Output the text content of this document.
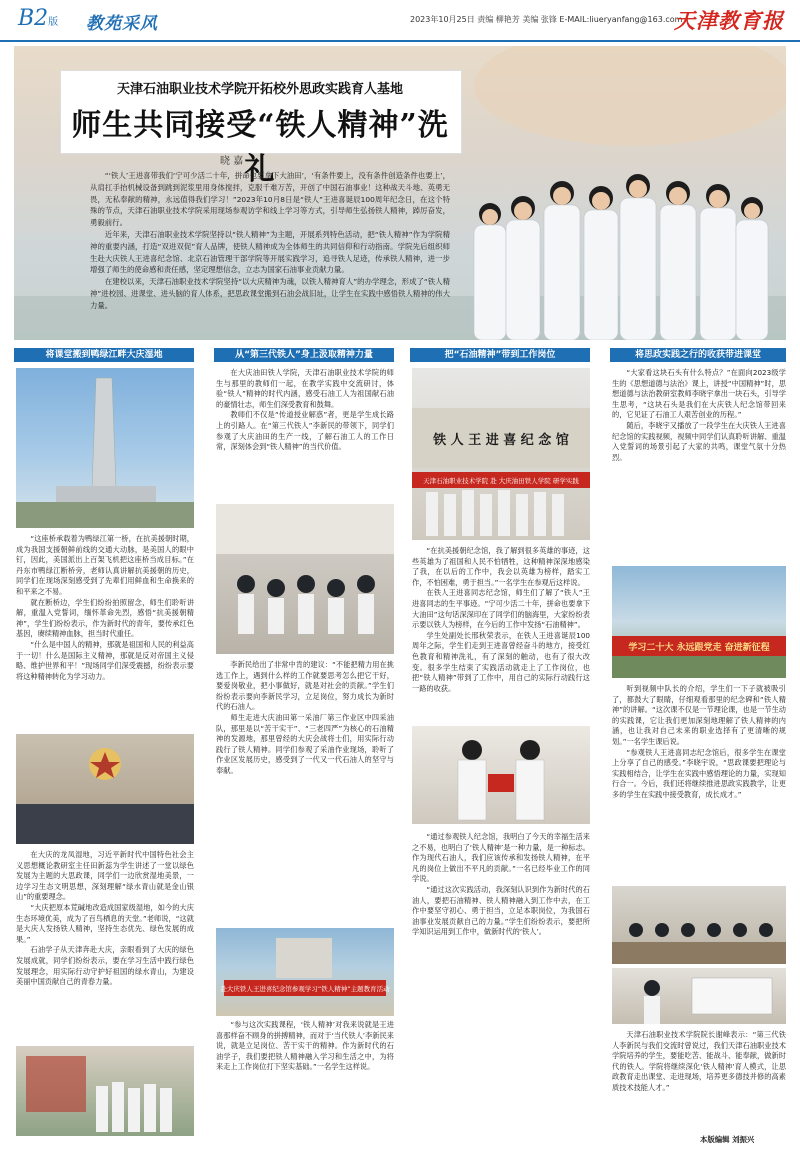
B2版 教苑采风	2023年10月25日 责编 柳艳芳 美编 张锋 E-MAIL:liueryanfang@163.com
天津教育报
天津石油职业技术学院开拓校外思政实践育人基地
师生共同接受“铁人精神”洗礼
晓 嘉
“‘铁人’王进喜带我们‘宁可少活二十年，拼命也要拿下大油田’，‘有条件要上，没有条件创造条件也要上’，从肩扛手抬机械设备到跳到泥浆里用身体搅拌，克服千难万苦，开创了中国石油事业！这种战天斗地、英勇无畏，无私奉献的精神，永远值得我们学习！”2023年10月8日是“铁人”王进喜诞辰100周年纪念日，在这个特殊的节点，天津石油职业技术学院采用现场参观访学和线上学习等方式，引导师生弘扬铁人精神，踔厉奋发，勇毅前行。
近年来，天津石油职业技术学院坚持以“铁人精神”为主题，开展系列特色活动，把“铁人精神”作为学院精神的重要内涵，打造“双进双促”育人品牌，使铁人精神成为全体师生的共同信仰和行动指南。学院先后组织师生赴大庆铁人王进喜纪念馆、北京石油管理干部学院等开展实践学习，追寻铁人足迹，传承铁人精神，进一步增强了师生的使命感和责任感，坚定理想信念，立志为国家石油事业贡献力量。
在建校以来，天津石油职业技术学院坚持“以大庆精神为魂，以铁人精神育人”的办学理念，形成了“铁人精神”进校园、进课堂、进头脑的育人体系，把思政课堂搬到石油会战旧址，让学生在实践中感悟铁人精神的伟大力量。
将课堂搬到鸭绿江畔大庆湿地
“这座桥承载着为鸭绿江第一桥，在抗美援朝时期，成为我国支援朝鲜前线的交通大动脉，是美国人的眼中钉，因此，美国派出上百架飞机把这座桥当成目标。”在丹东市鸭绿江断桥旁，老师认真讲解抗美援朝的历史，同学们在现场深刻感受到了先辈们用鲜血和生命换来的和平来之不易。
就在断桥边，学生们纷纷拍照留念，师生们聆听讲解，重温入党誓词，缅怀革命先烈，感悟“抗美援朝精神”，学生们纷纷表示，作为新时代的青年，要传承红色基因，赓续精神血脉，担当时代重任。
“什么是中国人的精神，那就是祖国和人民的利益高于一切！什么是国际主义精神，那就是反对帝国主义侵略、维护世界和平！”现场同学们深受震撼，纷纷表示要将这种精神转化为学习动力。
在大庆的龙凤湿地，习近平新时代中国特色社会主义思想概论教研室主任田新蕊为学生讲述了一堂以绿色发展为主题的大思政课，同学们一边欣赏湿地美景，一边学习生态文明思想，深刻理解“绿水青山就是金山银山”的重要理念。
“大庆把原本荒碱地改造成国家级湿地，如今的大庆生态环境优美，成为了百鸟栖息的天堂。”老师说，“这就是大庆人发扬铁人精神，坚持生态优先、绿色发展的成果。”
石油学子从天津奔赴大庆，亲眼看到了大庆的绿色发展成就，同学们纷纷表示，要在学习生活中践行绿色发展理念，用实际行动守护好祖国的绿水青山，为建设美丽中国贡献自己的青春力量。
从“第三代铁人”身上汲取精神力量
在大庆油田铁人学院，天津石油职业技术学院的师生与那里的教师们一起，在教学实践中交流研讨，体验“铁人”精神的时代内涵，感受石油工人为祖国献石油的豪情壮志，师生们深受教育和鼓舞。
教师们不仅是“传道授业解惑”者，更是学生成长路上的引路人。在“第三代铁人”李新民的带领下，同学们参观了大庆油田的生产一线，了解石油工人的工作日常，深刻体会到“铁人精神”的当代价值。
李新民给出了非常中肯的建议：“不能把精力用在挑选工作上，遇到什么样的工作就要思考怎么把它干好，要爱岗敬业，把小事做好，就是对社会的贡献。”学生们纷纷表示要向李新民学习，立足岗位，努力成长为新时代的石油人。
师生走进大庆油田第一采油厂第三作业区中四采油队，那里是以“苦干实干”、“三老四严”为核心的石油精神的发源地，那里曾经的大庆会战将士们，用实际行动践行了铁人精神。同学们参观了采油作业现场，聆听了作业区发展历史，感受到了一代又一代石油人的坚守与奉献。
赴大庆铁人王进喜纪念馆参观学习“铁人精神”主题教育活动
“参与这次实践课程，‘铁人精神’对我来说就是王进喜那样奋不顾身的拼搏精神，而对于‘当代铁人’李新民来说，就是立足岗位、苦干实干的精神。作为新时代的石油学子，我们要把铁人精神融入学习和生活之中，为将来走上工作岗位打下坚实基础。”一名学生这样说。
把“石油精神”带到工作岗位
铁 人 王 进 喜 纪 念 馆
天津石油职业技术学院 赴 大庆油田铁人学院 研学实践
“在抗美援朝纪念馆，我了解到很多英雄的事迹，这些英雄为了祖国和人民不怕牺牲，这种精神深深地感染了我，在以后的工作中，我会以英雄为榜样，踏实工作，不怕困难，勇于担当。”一名学生在参观后这样说。
在铁人王进喜同志纪念馆，师生们了解了“铁人”王进喜同志的生平事迹。“宁可少活二十年，拼命也要拿下大油田”这句话深深印在了同学们的脑海里，大家纷纷表示要以铁人为榜样，在今后的工作中发扬“石油精神”。
学生处副处长邢秋荣表示，在铁人王进喜诞辰100周年之际，学生们走到王进喜曾经奋斗的地方，接受红色教育和精神洗礼，有了深刻的触动，也有了很大改变。很多学生结束了实践活动就走上了工作岗位，也把“铁人精神”带到了工作中，用自己的实际行动践行这一路的收获。
“通过参观铁人纪念馆，我明白了今天的幸福生活来之不易，也明白了‘铁人精神’是一种力量，是一种标志。作为现代石油人，我们应该传承和发扬铁人精神，在平凡的岗位上做出不平凡的贡献。”一名已经毕业工作的同学说。
“通过这次实践活动，我深刻认识到作为新时代的石油人，要把石油精神、铁人精神融入到工作中去，在工作中要坚守初心、勇于担当，立足本职岗位，为我国石油事业发展贡献自己的力量。”学生们纷纷表示，要把所学知识运用到工作中，做新时代的‘铁人’。
将思政实践之行的收获带进课堂
“大家看这块石头有什么特点？”在面向2023级学生的《思想道德与法治》课上，讲授“中国精神”时，思想道德与法治教研室教师李晓宇拿出一块石头，引导学生思考，“这块石头是我们在大庆铁人纪念馆带回来的，它见证了石油工人艰苦创业的历程。”
随后，李晓宇又播放了一段学生在大庆铁人王进喜纪念馆的实践视频，视频中同学们认真聆听讲解、重温入党誓词的场景引起了大家的共鸣，课堂气氛十分热烈。
学习二十大 永远跟党走 奋进新征程
听到视频中队长的介绍，学生们一下子就被吸引了，都鼓大了眼睛，仔细观看那里的纪念碑和“铁人精神”的讲解。“这次课不仅是一节理论课，也是一节生动的实践课，它让我们更加深刻地理解了铁人精神的内涵，也让我对自己未来的职业选择有了更清晰的规划。”一名学生课后说。
“参观铁人王进喜同志纪念馆后，很多学生在课堂上分享了自己的感受。”李晓宇说，“思政课要把理论与实践相结合，让学生在实践中感悟理论的力量，实现知行合一。今后，我们还将继续推进思政实践教学，让更多的学生在实践中接受教育，成长成才。”
天津石油职业技术学院院长谢峰表示：“第三代铁人李新民与我们交流时曾说过，我们天津石油职业技术学院培养的学生，要能吃苦、能战斗、能奉献，做新时代的铁人。学院将继续深化‘铁人精神’育人模式，让思政教育走出课堂、走进现场，培养更多德技并修的高素质技术技能人才。”
本版编辑 刘振兴
